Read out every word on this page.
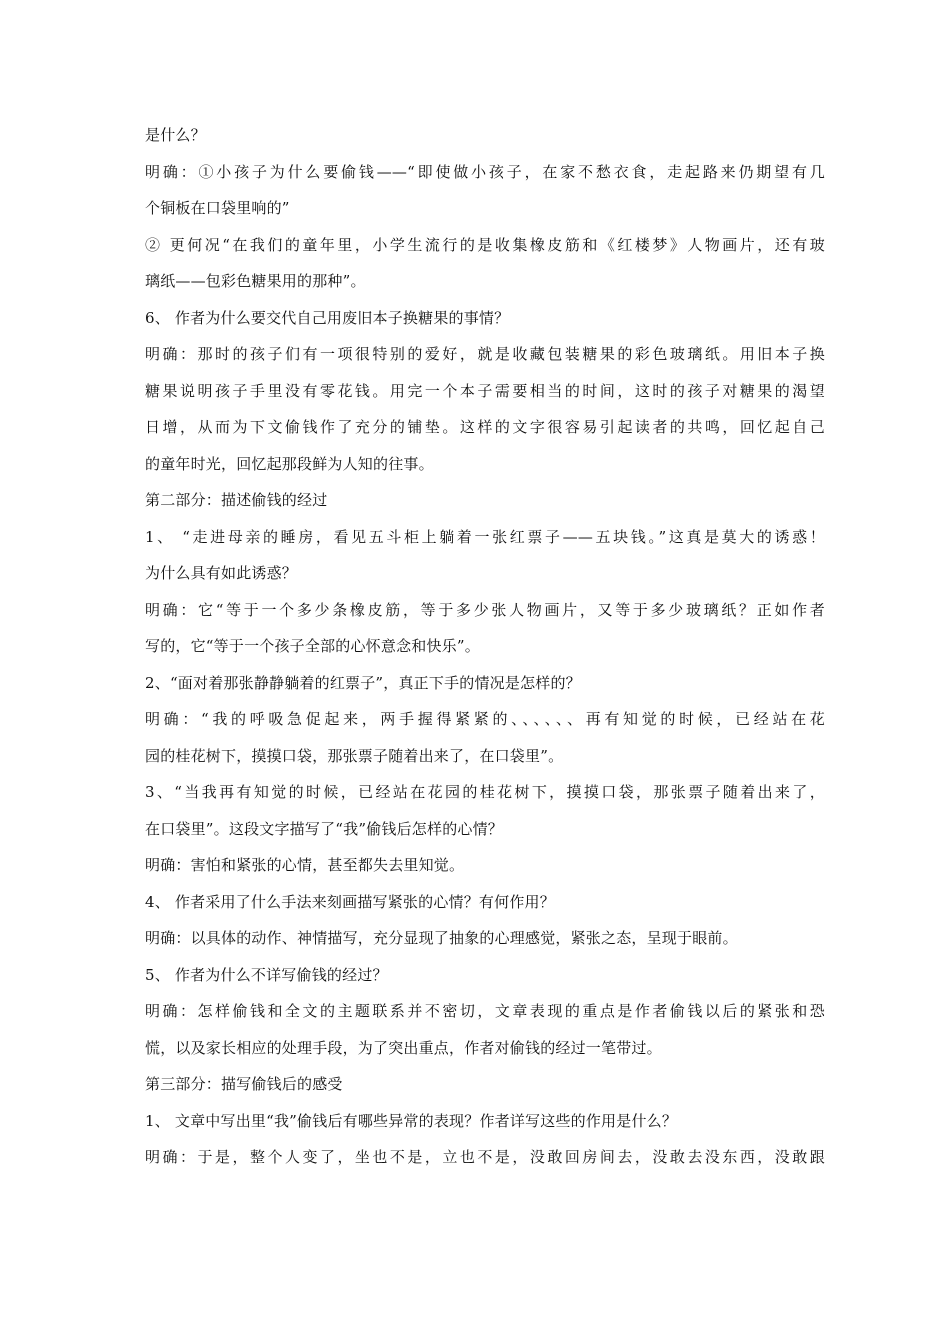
是什么？
明确：①小孩子为什么要偷钱——“即使做小孩子，在家不愁衣食，走起路来仍期望有几
个铜板在口袋里响的”
② 更何况“在我们的童年里，小学生流行的是收集橡皮筋和《红楼梦》人物画片，还有玻
璃纸——包彩色糖果用的那种”。
6、 作者为什么要交代自己用废旧本子换糖果的事情？
明确：那时的孩子们有一项很特别的爱好，就是收藏包装糖果的彩色玻璃纸。用旧本子换
糖果说明孩子手里没有零花钱。用完一个本子需要相当的时间，这时的孩子对糖果的渴望
日增，从而为下文偷钱作了充分的铺垫。这样的文字很容易引起读者的共鸣，回忆起自己
的童年时光，回忆起那段鲜为人知的往事。
第二部分：描述偷钱的经过
1、 “走进母亲的睡房，看见五斗柜上躺着一张红票子——五块钱。”这真是莫大的诱惑！
为什么具有如此诱惑？
明确：它“等于一个多少条橡皮筋，等于多少张人物画片，又等于多少玻璃纸？正如作者
写的，它“等于一个孩子全部的心怀意念和快乐”。
2、“面对着那张静静躺着的红票子”，真正下手的情况是怎样的？
明确：“我的呼吸急促起来，两手握得紧紧的、、、、、、再有知觉的时候，已经站在花
园的桂花树下，摸摸口袋，那张票子随着出来了，在口袋里”。
3、“当我再有知觉的时候，已经站在花园的桂花树下，摸摸口袋，那张票子随着出来了，
在口袋里”。这段文字描写了“我”偷钱后怎样的心情？
明确：害怕和紧张的心情，甚至都失去里知觉。
4、 作者采用了什么手法来刻画描写紧张的心情？有何作用？
明确：以具体的动作、神情描写，充分显现了抽象的心理感觉，紧张之态，呈现于眼前。
5、 作者为什么不详写偷钱的经过？
明确：怎样偷钱和全文的主题联系并不密切，文章表现的重点是作者偷钱以后的紧张和恐
慌，以及家长相应的处理手段，为了突出重点，作者对偷钱的经过一笔带过。
第三部分：描写偷钱后的感受
1、 文章中写出里“我”偷钱后有哪些异常的表现？作者详写这些的作用是什么？
明确：于是，整个人变了，坐也不是，立也不是，没敢回房间去，没敢去没东西，没敢跟
